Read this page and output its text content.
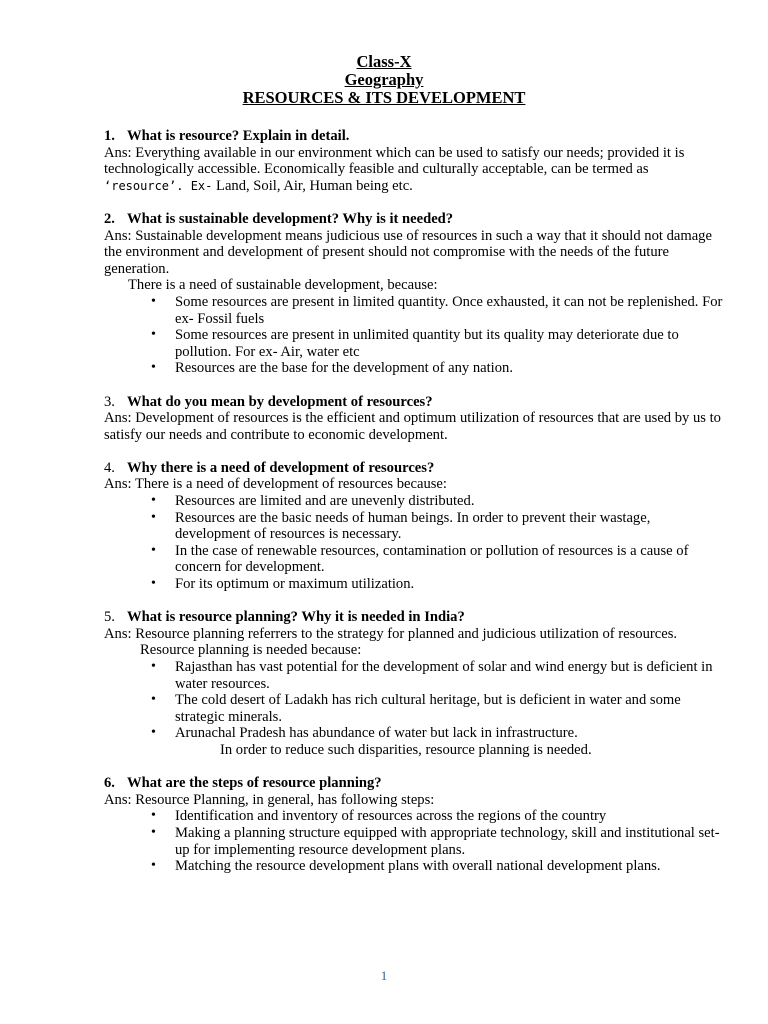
Class-X
Geography
RESOURCES & ITS DEVELOPMENT
1. What is resource? Explain in detail.
Ans: Everything available in our environment which can be used to satisfy our needs; provided it is technologically accessible. Economically feasible and culturally acceptable, can be termed as ‘resource’. Ex- Land, Soil, Air, Human being etc.
2. What is sustainable development? Why is it needed?
Ans: Sustainable development means judicious use of resources in such a way that it should not damage the environment and development of present should not compromise with the needs of the future generation.
There is a need of sustainable development, because:
• Some resources are present in limited quantity. Once exhausted, it can not be replenished. For ex- Fossil fuels
• Some resources are present in unlimited quantity but its quality may deteriorate due to pollution. For ex- Air, water etc
• Resources are the base for the development of any nation.
3. What do you mean by development of resources?
Ans: Development of resources is the efficient and optimum utilization of resources that are used by us to satisfy our needs and contribute to economic development.
4. Why there is a need of development of resources?
Ans: There is a need of development of resources because:
• Resources are limited and are unevenly distributed.
• Resources are the basic needs of human beings. In order to prevent their wastage, development of resources is necessary.
• In the case of renewable resources, contamination or pollution of resources is a cause of concern for development.
• For its optimum or maximum utilization.
5. What is resource planning? Why it is needed in India?
Ans: Resource planning referrers to the strategy for planned and judicious utilization of resources.
Resource planning is needed because:
• Rajasthan has vast potential for the development of solar and wind energy but is deficient in water resources.
• The cold desert of Ladakh has rich cultural heritage, but is deficient in water and some strategic minerals.
• Arunachal Pradesh has abundance of water but lack in infrastructure.
In order to reduce such disparities, resource planning is needed.
6. What are the steps of resource planning?
Ans: Resource Planning, in general, has following steps:
• Identification and inventory of resources across the regions of the country
• Making a planning structure equipped with appropriate technology, skill and institutional set-up for implementing resource development plans.
• Matching the resource development plans with overall national development plans.
1
